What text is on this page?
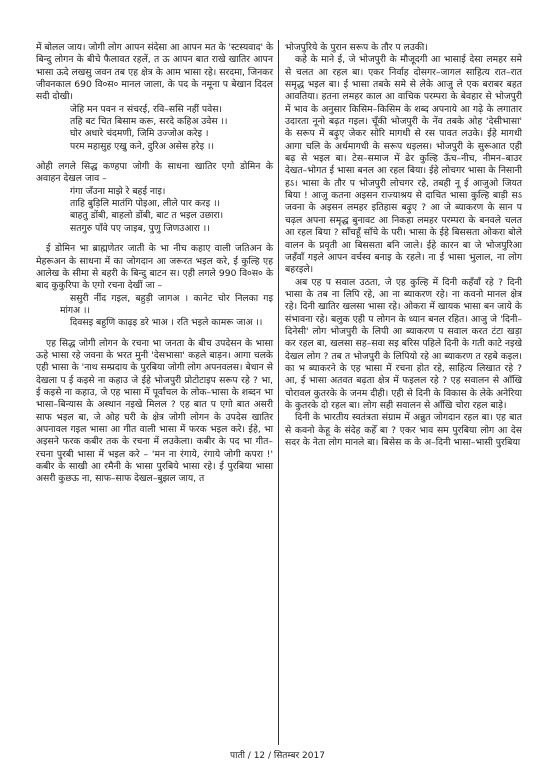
में बोलल जाय। जोगी लोग आपन संदेसा आ आपन मत के 'स्टस्यवाद' के बिन्दु लोगन के बीचे फैलावत रहलें, त ऊ आपन बात राखे खातिर आपन भासा ऊदे लखसु जवन तब एह क्षेत्र के आम भासा रहे। सरदमा, जिनकर जीवनकाल 690 वि०स० मानल जाला, के पद के नमूना प बेखान दिदल सदी दोखी।

जेहि मन पवन न संचरई, रवि–ससि नहीं पवेस।

तहि बट चित बिसाम करू, सरदे कहिअ उवेस ।।

घोर अधारे चंदमणी, जिमि उज्जोअ करेइ ।

परम महासुह एखु कने, दुरिअ असेस हरेइ ।।

ओही लगले सिद्ध कण्हपा जोगी के साधना खातिर एगो डोमिन के अवाहन देखल जाव –

गंगा जँउना माझे रे बहई नाइ।

ताहि बुड़िलि मातंगि पोइआ, लीले पार करइ ।।

बाहतु डोंबी, बाहलो डोंबी, बाट त भइल उछारा।

सतगुरु पाँवे पए जाइब, पुणु जिणउआरा ।।

ई डोमिन भा ब्राह्मणेतर जाती के भा नीच कहाए वाली जतिअन के मेहरूअन के साधना में का जोगदान आ जरूरत भइल करे, ई कुल्हि एह आलेख के सीमा से बहरी के बिन्दु बाटन स। एही लगले 990 वि०स० के बाद कुकुरिपा के एगो रचना देखीं जा –

ससुरी नींद गइल, बहुड़ी जागअ । कानेट चोर निलका गइ मांगअ ।।

दिवसइ बहुणि काढ़इ डरे भाअ । रति भइले कामरू जाअ ।।

एह सिद्ध जोगी लोगन के रचना भा जनता के बीच उपदेसन के भासा ऊहे भासा रहे जवना के भरत मुनी 'देसभासा' कहले बाड़न। आगा चलके एही भासा के 'नाथ सम्प्रदाय के पुरबिया जोगी लोग अपनवलस। बेधान से देखला प ई कइसे ना कहाउ जे ईहे भोजपुरी प्रोटोटाइप सरूप रहे ? भा, ई कइसे ना कहाउ, जे एह भासा में पूर्वांचल के लोक–भासा के शब्दन भा भासा–बिन्यास के अस्थान नइखे मिलल ? एह बात प एगो बात असरी साफ भइल बा, जे ओह घरी के क्षेत्र जोगी लोगन के उपदेस खातिर अपनावल गइल भासा आ गीत वाली भासा में फरक भइल करे। ईहे, भा अइसने फरक कबीर तक के रचना में लउकेला। कबीर के पद भा गीत–रचना पुरबी भासा में भइल करे – 'मन ना रंगाये, रंगाये जोगी कपरा !' कबीर के साखी आ रमैनी के भासा पुरबिये भासा रहे। ई पुरबिया भासा असरी कुछऊ ना, साफ–साफ देखल–बुझल जाय, त

भोजपुरिये के पुरान सरूप के तौर प लउकी।

कहे के माने ई, जे भोजपुरी के मौजूदगी आ भासाई देसा लमहर समे से चलत आ रहल बा। एकर निर्वाह दोसगर–जागल साहित्य रात–रात समृद्ध भइल बा। ई भासा तबके समे से लेके आजु ले एक बराबर बहत आवतिया। हतना लमहर काल आ वाचिक परम्परा के बेवहार से भोजपुरी में भाव के अनुसार किसिम–किसिम के शब्द अपनाये आ गढ़े के लगातार उदारता नूनो बढ़त गइल। चूँकी भोजपुरी के नेंव तबके ओह 'देसीभासा' के सरूप में बढ़ुए जेकर सोरि मागधी से रस पावत लउके। ईहे मागधी आगा चलि के अर्धमागधी के सरूप धइलस। भोजपुरी के सुरूआत एही बढ़ से भइल बा। टेस–समाज में ढेर कुल्हि ऊँच–नीच, नीमन–बाउर देखत–भोगत ई भासा बनल आ रहल बिया। ईहे लोचगर भासा के निसानी हऽ। भासा के तौर प भोजपुरी लोचगर रहे, तबही नू ई आजुओ जियत बिया ! आजु कतना अइसन राज्याश्रय से दाचित भासा कुल्हि बाड़ी सऽ जवना के अइसन लमहर इतिहास बढ़ुए ? आ जे ब्याकरण के सान प चढ़ल अपना समृद्ध बुनावट आ निकहा लमहर परम्परा के बनवले चलत आ रहल बिया ? साँचहूँ साँचे के परी। भासा के ईहे बिससता ओकरा बोले वालन के प्रवृती आ बिससता बनि जाले। ईहे कारन बा जे भोजपुरिआ जहँवाँ गइले आपन वर्चस्व बनाइ के रहले। ना ई भासा भुलाल, ना लोग बहरइले।

अब एह प सवाल उठता, जे एह कुल्हि में दिनी कहँवाँ रहे ? दिनी भासा के तब ना लिपि रहे, आ ना ब्याकरण रहे। ना कवनो मानल क्षेत्र रहे। दिनी खातिर खलसा भासा रहे। ओकरा में खायक भासा बन जाये के संभावना रहे। बलुक एही प लोगन के ध्यान बनल रहित। आजु जे 'दिनी–दिनेसी' लोग भोजपुरी के लिपी आ ब्याकरण प सवाल करत टंटा खड़ा कर रहल बा, खलसा सह–सवा सइ बरिस पहिले दिनी के गती काटे नइखे देखल लोग ? तब त भोजपुरी के लिपियो रहे आ ब्याकरण त रहबे कइल। का भ ब्याकरने के एह भासा में रचना होत रहे, साहित्य लिखात रहे ? आ, ई भासा अतवत बढ़ता क्षेत्र में फइलल रहे ? एह सवालन से आँखि चोरावल कुतरके के जनम दीही। एही से दिनी के विकास के लेके अनेरिया के कुतरके दो रहल बा। लोग सही सवालन से आँखि चोरा रहल बाड़े।

दिनी के भारतीय स्वतंत्रता संग्राम में अन्नुत जोगदान रहल बा। एह बात से कवनो केहू के संदेह कहेँ बा ? एकर भाव सम पुरबिया लोग आ देस सदर के नेता लोग मानले बा। बिसेस क के अ–दिनी भासा–भासी पुरबिया

पाती / 12 / सितम्बर 2017
